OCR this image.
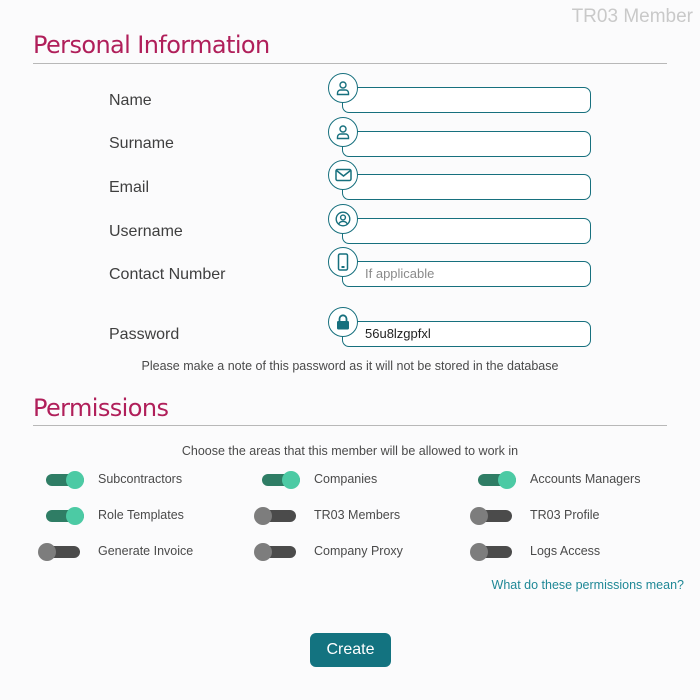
TR03 Member
Personal Information
Name
Surname
Email
Username
Contact Number
If applicable
Password
56u8lzgpfxl
Please make a note of this password as it will not be stored in the database
Permissions
Choose the areas that this member will be allowed to work in
Subcontractors	Companies	Accounts Managers
Role Templates	TR03 Members	TR03 Profile
Generate Invoice	Company Proxy	Logs Access
What do these permissions mean?
Create
